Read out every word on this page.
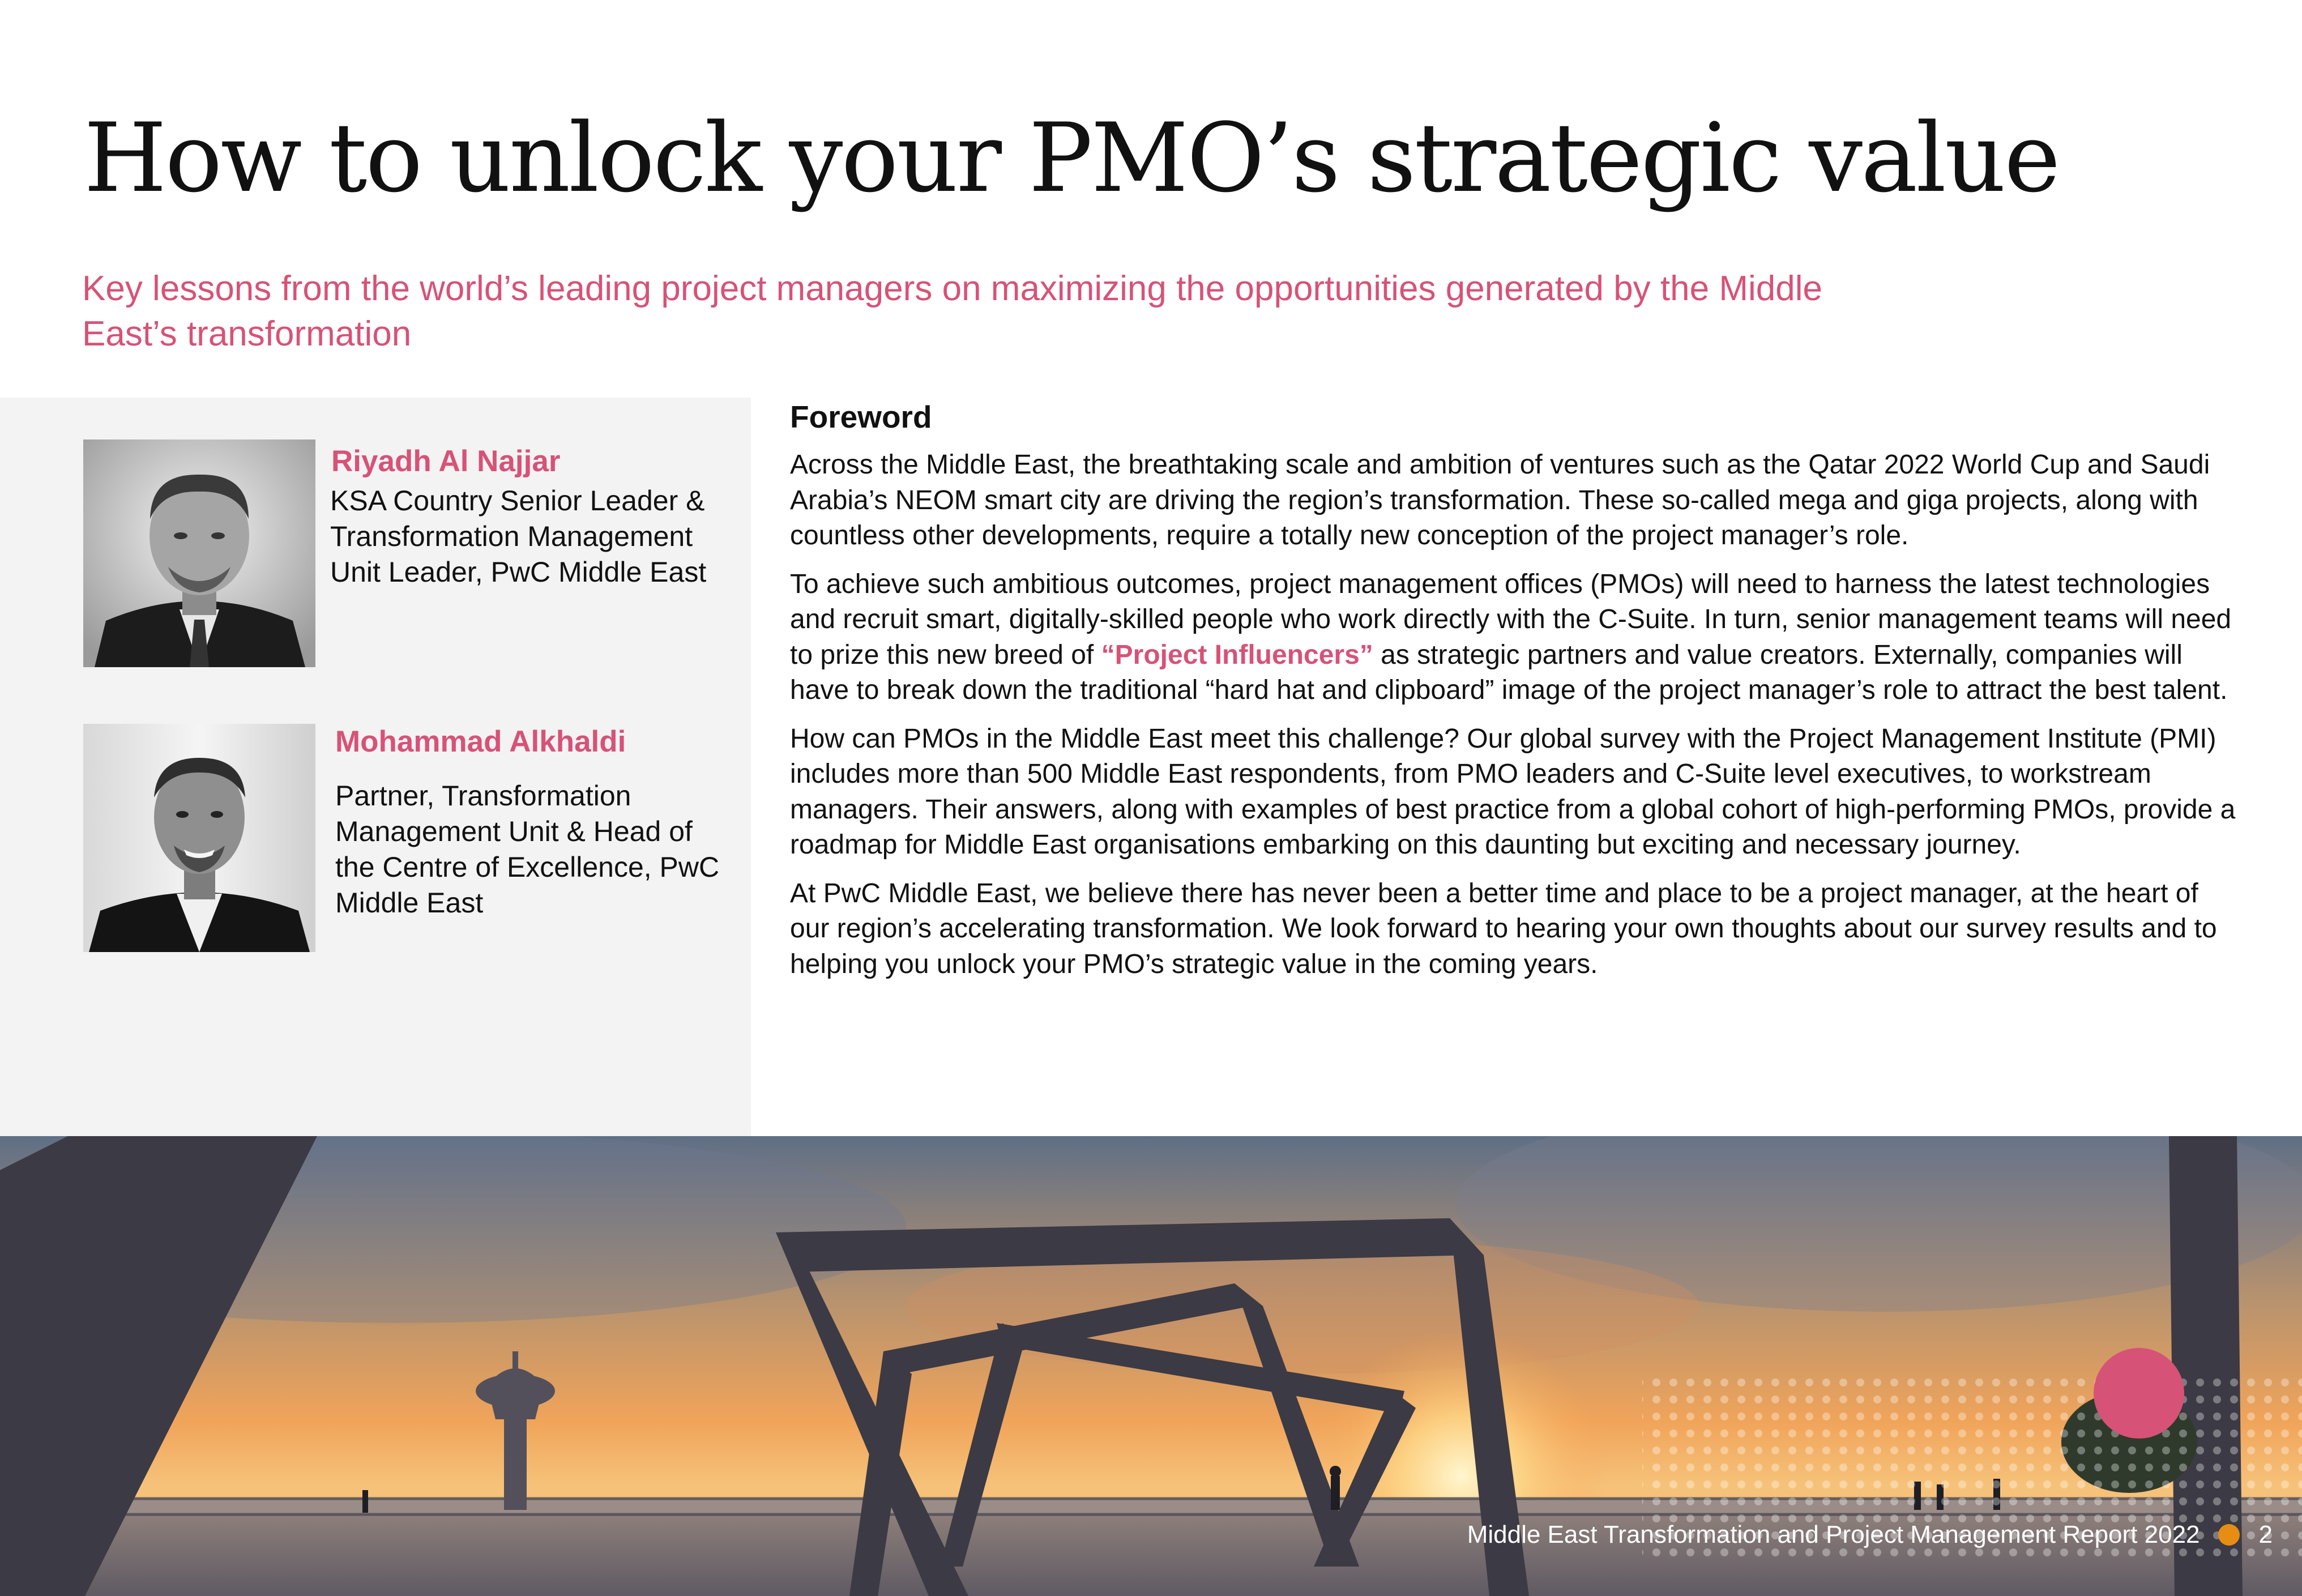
How to unlock your PMO’s strategic value

Key lessons from the world’s leading project managers on maximizing the opportunities generated by the Middle East’s transformation

Riyadh Al Najjar

KSA Country Senior Leader & Transformation Management Unit Leader, PwC Middle East

Mohammad Alkhaldi

Partner, Transformation Management Unit & Head of the Centre of Excellence, PwC Middle East

Foreword

Across the Middle East, the breathtaking scale and ambition of ventures such as the Qatar 2022 World Cup and Saudi Arabia’s NEOM smart city are driving the region’s transformation. These so-called mega and giga projects, along with countless other developments, require a totally new conception of the project manager’s role.

To achieve such ambitious outcomes, project management offices (PMOs) will need to harness the latest technologies and recruit smart, digitally-skilled people who work directly with the C-Suite. In turn, senior management teams will need to prize this new breed of “Project Influencers” as strategic partners and value creators. Externally, companies will have to break down the traditional “hard hat and clipboard” image of the project manager’s role to attract the best talent.

How can PMOs in the Middle East meet this challenge? Our global survey with the Project Management Institute (PMI) includes more than 500 Middle East respondents, from PMO leaders and C-Suite level executives, to workstream managers. Their answers, along with examples of best practice from a global cohort of high-performing PMOs, provide a roadmap for Middle East organisations embarking on this daunting but exciting and necessary journey.

At PwC Middle East, we believe there has never been a better time and place to be a project manager, at the heart of our region’s accelerating transformation. We look forward to hearing your own thoughts about our survey results and to helping you unlock your PMO’s strategic value in the coming years.

Middle East Transformation and Project Management Report 2022 2
